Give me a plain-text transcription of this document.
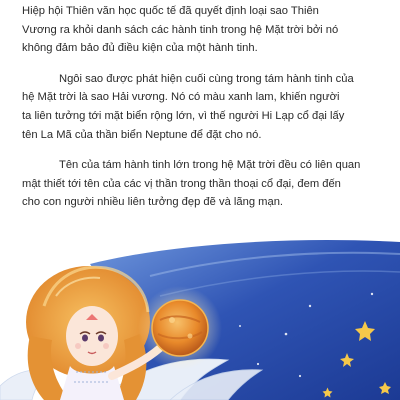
Hiệp hội Thiên văn học quốc tế đã quyết định loại sao Thiên
Vương ra khỏi danh sách các hành tinh trong hệ Mặt trời bởi nó
không đảm bảo đủ điều kiện của một hành tinh.

Ngôi sao được phát hiện cuối cùng trong tám hành tinh của
hệ Mặt trời là sao Hải vương. Nó có màu xanh lam, khiến người
ta liên tưởng tới mặt biển rộng lớn, vì thế người Hi Lạp cổ đại lấy
tên La Mã của thần biển Neptune để đặt cho nó.

Tên của tám hành tinh lớn trong hệ Mặt trời đều có liên quan
mật thiết tới tên của các vị thần trong thần thoại cổ đại, đem đến
cho con người nhiều liên tưởng đẹp đẽ và lãng mạn.
